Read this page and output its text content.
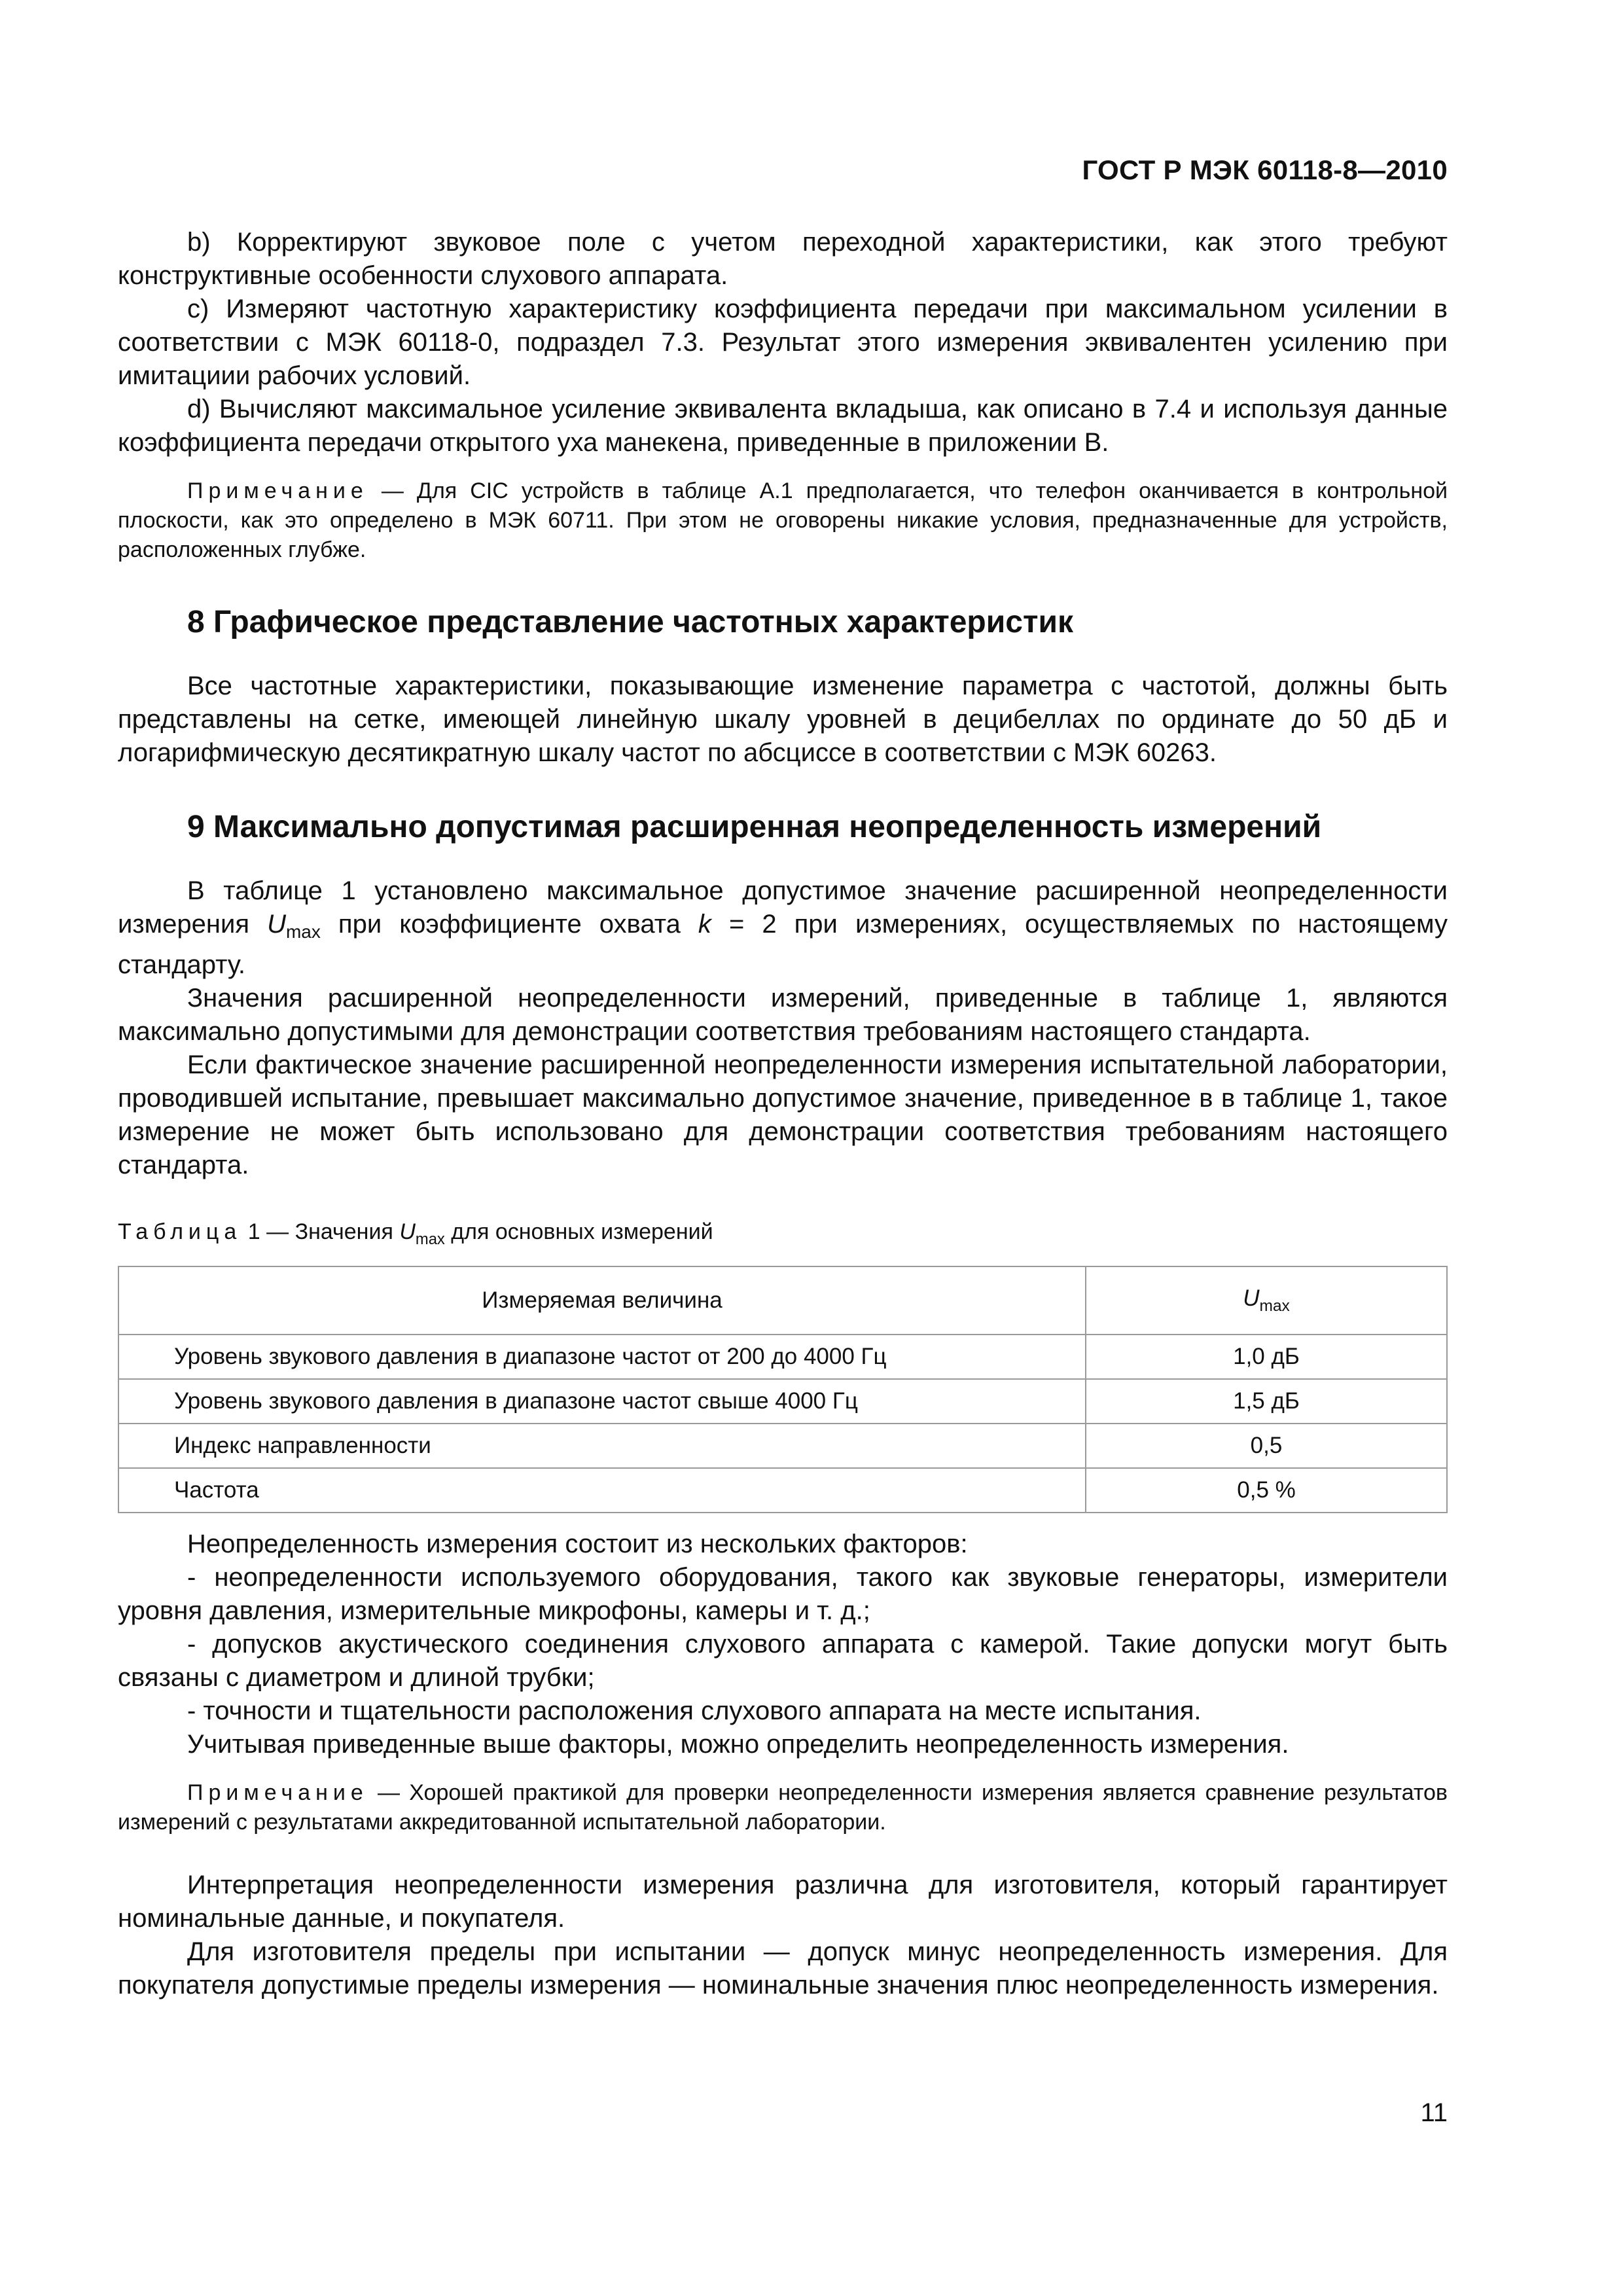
ГОСТ Р МЭК 60118-8—2010

b) Корректируют звуковое поле с учетом переходной характеристики, как этого требуют конструктивные особенности слухового аппарата.

c) Измеряют частотную характеристику коэффициента передачи при максимальном усилении в соответствии с МЭК 60118-0, подраздел 7.3. Результат этого измерения эквивалентен усилению при имитациии рабочих условий.

d) Вычисляют максимальное усиление эквивалента вкладыша, как описано в 7.4 и используя данные коэффициента передачи открытого уха манекена, приведенные в приложении B.

Примечание — Для CIC устройств в таблице А.1 предполагается, что телефон оканчивается в контрольной плоскости, как это определено в МЭК 60711. При этом не оговорены никакие условия, предназначенные для устройств, расположенных глубже.

8 Графическое представление частотных характеристик

Все частотные характеристики, показывающие изменение параметра с частотой, должны быть представлены на сетке, имеющей линейную шкалу уровней в децибеллах по ординате до 50 дБ и логарифмическую десятикратную шкалу частот по абсциссе в соответствии с МЭК 60263.

9 Максимально допустимая расширенная неопределенность измерений

В таблице 1 установлено максимальное допустимое значение расширенной неопределенности измерения $U_{max}$ при коэффициенте охвата k = 2 при измерениях, осуществляемых по настоящему стандарту.

Значения расширенной неопределенности измерений, приведенные в таблице 1, являются максимально допустимыми для демонстрации соответствия требованиям настоящего стандарта.

Если фактическое значение расширенной неопределенности измерения испытательной лаборатории, проводившей испытание, превышает максимально допустимое значение, приведенное в в таблице 1, такое измерение не может быть использовано для демонстрации соответствия требованиям настоящего стандарта.

Таблица 1 — Значения $U_{max}$ для основных измерений
Измеряемая величина	$U_{max}$
Уровень звукового давления в диапазоне частот от 200 до 4000 Гц	1,0 дБ
Уровень звукового давления в диапазоне частот свыше 4000 Гц	1,5 дБ
Индекс направленности	0,5
Частота	0,5 %

Неопределенность измерения состоит из нескольких факторов:

- неопределенности используемого оборудования, такого как звуковые генераторы, измерители уровня давления, измерительные микрофоны, камеры и т. д.;

- допусков акустического соединения слухового аппарата с камерой. Такие допуски могут быть связаны с диаметром и длиной трубки;

- точности и тщательности расположения слухового аппарата на месте испытания.

Учитывая приведенные выше факторы, можно определить неопределенность измерения.

Примечание — Хорошей практикой для проверки неопределенности измерения является сравнение результатов измерений с результатами аккредитованной испытательной лаборатории.

Интерпретация неопределенности измерения различна для изготовителя, который гарантирует номинальные данные, и покупателя.

Для изготовителя пределы при испытании — допуск минус неопределенность измерения. Для покупателя допустимые пределы измерения — номинальные значения плюс неопределенность измерения.

11
